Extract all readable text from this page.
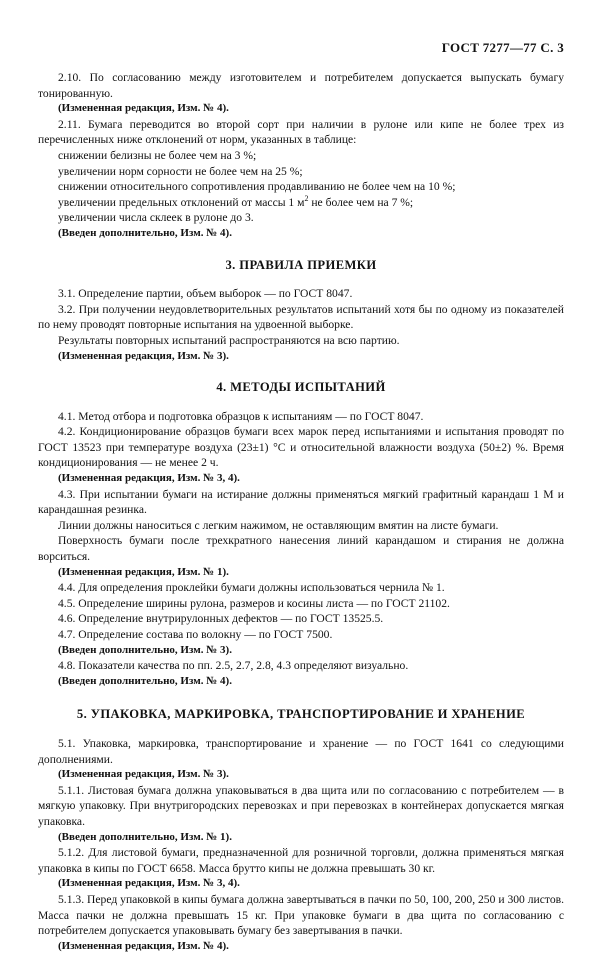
ГОСТ 7277—77 С. 3

2.10. По согласованию между изготовителем и потребителем допускается выпускать бумагу тонированную.

(Измененная редакция, Изм. № 4).

2.11. Бумага переводится во второй сорт при наличии в рулоне или кипе не более трех из перечисленных ниже отклонений от норм, указанных в таблице:

снижении белизны не более чем на 3 %;

увеличении норм сорности не более чем на 25 %;

снижении относительного сопротивления продавливанию не более чем на 10 %;

увеличении предельных отклонений от массы 1 $м^2$ не более чем на 7 %;

увеличении числа склеек в рулоне до 3.

(Введен дополнительно, Изм. № 4).

3. ПРАВИЛА ПРИЕМКИ

3.1. Определение партии, объем выборок — по ГОСТ 8047.

3.2. При получении неудовлетворительных результатов испытаний хотя бы по одному из показателей по нему проводят повторные испытания на удвоенной выборке.

Результаты повторных испытаний распространяются на всю партию.

(Измененная редакция, Изм. № 3).

4. МЕТОДЫ ИСПЫТАНИЙ

4.1. Метод отбора и подготовка образцов к испытаниям — по ГОСТ 8047.

4.2. Кондиционирование образцов бумаги всех марок перед испытаниями и испытания проводят по ГОСТ 13523 при температуре воздуха (23±1) °С и относительной влажности воздуха (50±2) %. Время кондиционирования — не менее 2 ч.

(Измененная редакция, Изм. № 3, 4).

4.3. При испытании бумаги на истирание должны применяться мягкий графитный карандаш 1 М и карандашная резинка.

Линии должны наноситься с легким нажимом, не оставляющим вмятин на листе бумаги.

Поверхность бумаги после трехкратного нанесения линий карандашом и стирания не должна ворситься.

(Измененная редакция, Изм. № 1).

4.4. Для определения проклейки бумаги должны использоваться чернила № 1.

4.5. Определение ширины рулона, размеров и косины листа — по ГОСТ 21102.

4.6. Определение внутрирулонных дефектов — по ГОСТ 13525.5.

4.7. Определение состава по волокну — по ГОСТ 7500.

(Введен дополнительно, Изм. № 3).

4.8. Показатели качества по пп. 2.5, 2.7, 2.8, 4.3 определяют визуально.

(Введен дополнительно, Изм. № 4).

5. УПАКОВКА, МАРКИРОВКА, ТРАНСПОРТИРОВАНИЕ И ХРАНЕНИЕ

5.1. Упаковка, маркировка, транспортирование и хранение — по ГОСТ 1641 со следующими дополнениями.

(Измененная редакция, Изм. № 3).

5.1.1. Листовая бумага должна упаковываться в два щита или по согласованию с потребителем — в мягкую упаковку. При внутригородских перевозках и при перевозках в контейнерах допускается мягкая упаковка.

(Введен дополнительно, Изм. № 1).

5.1.2. Для листовой бумаги, предназначенной для розничной торговли, должна применяться мягкая упаковка в кипы по ГОСТ 6658. Масса брутто кипы не должна превышать 30 кг.

(Измененная редакция, Изм. № 3, 4).

5.1.3. Перед упаковкой в кипы бумага должна завертываться в пачки по 50, 100, 200, 250 и 300 листов. Масса пачки не должна превышать 15 кг. При упаковке бумаги в два щита по согласованию с потребителем допускается упаковывать бумагу без завертывания в пачки.

(Измененная редакция, Изм. № 4).
